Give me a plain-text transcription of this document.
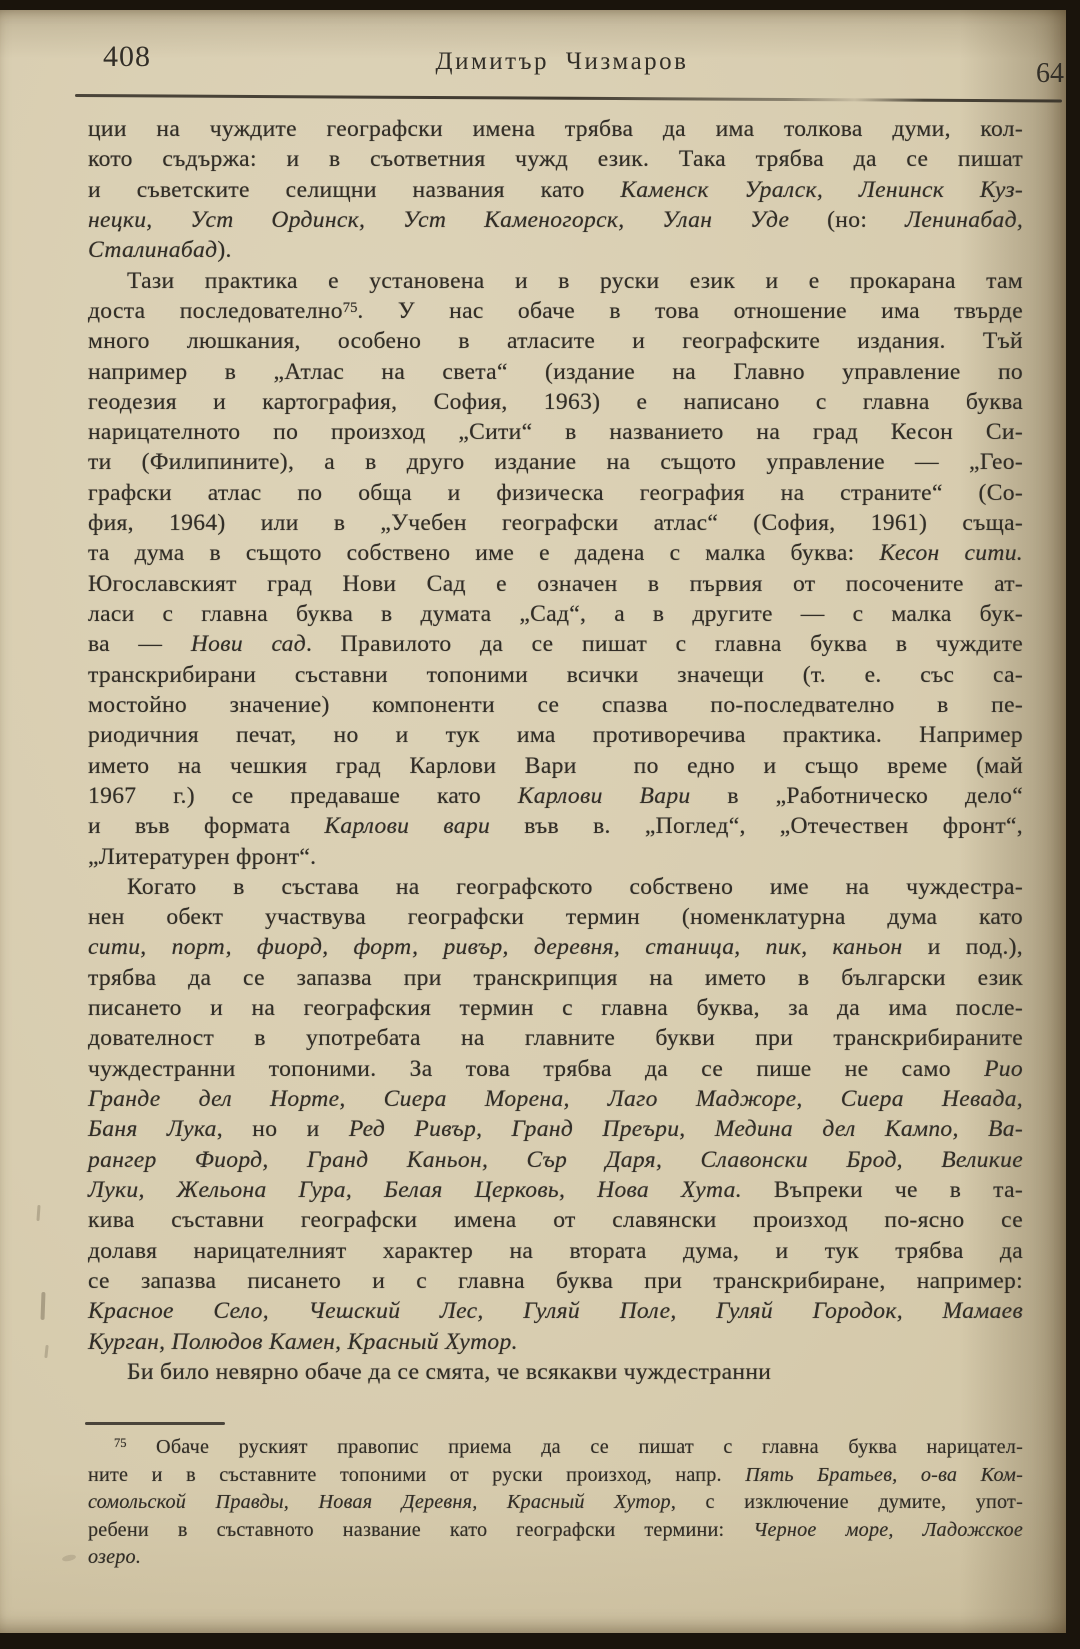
408	Димитър Чизмаров	64
ции на чуждите географски имена трябва да има толкова думи, кол-
кото съдържа: и в съответния чужд език. Така трябва да се пишат
и съветските селищни названия като Каменск Уралск, Ленинск Куз-
нецки, Уст Ординск, Уст Каменогорск, Улан Уде (но: Ленинабад,
Сталинабад).
Тази практика е установена и в руски език и е прокарана там
доста последователно$^{75}$. У нас обаче в това отношение има твърде
много люшкания, особено в атласите и географските издания. Тъй
например в „Атлас на света“ (издание на Главно управление по
геодезия и картография, София, 1963) е написано с главна буква
нарицателното по произход „Сити“ в названието на град Кесон Си-
ти (Филипините), а в друго издание на същото управление — „Гео-
графски атлас по обща и физическа география на страните“ (Со-
фия, 1964) или в „Учебен географски атлас“ (София, 1961) съща-
та дума в същото собствено име е дадена с малка буква: Кесон сити.
Югославският град Нови Сад е означен в първия от посочените ат-
ласи с главна буква в думата „Сад“, а в другите — с малка бук-
ва — Нови сад. Правилото да се пишат с главна буква в чуждите
транскрибирани съставни топоними всички значещи (т. е. със са-
мостойно значение) компоненти се спазва по-последвателно в пе-
риодичния печат, но и тук има противоречива практика. Например
името на чешкия град Карлови Вари  по едно и също време (май
1967 г.) се предаваше като Карлови Вари в „Работническо дело“
и във формата Карлови вари във в. „Поглед“, „Отечествен фронт“,
„Литературен фронт“.
Когато в състава на географското собствено име на чуждестра-
нен обект участвува географски термин (номенклатурна дума като
сити, порт, фиорд, форт, ривър, деревня, станица, пик, каньон и под.),
трябва да се запазва при транскрипция на името в български език
писането и на географския термин с главна буква, за да има после-
дователност в употребата на главните букви при транскрибираните
чуждестранни топоними. За това трябва да се пише не само Рио
Гранде дел Норте, Сиера Морена, Лаго Маджоре, Сиера Невада,
Баня Лука, но и Ред Ривър, Гранд Преъри, Медина дел Кампо, Ва-
рангер Фиорд, Гранд Каньон, Сър Даря, Славонски Брод, Великие
Луки, Жельона Гура, Белая Церковь, Нова Хута. Въпреки че в та-
кива съставни географски имена от славянски произход по-ясно се
долавя нарицателният характер на втората дума, и тук трябва да
се запазва писането и с главна буква при транскрибиране, например:
Красное Село, Чешский Лес, Гуляй Поле, Гуляй Городок, Мамаев
Курган, Полюдов Камен, Красный Хутор.
Би било невярно обаче да се смята, че всякакви чуждестранни
$^{75}$ Обаче руският правопис приема да се пишат с главна буква нарицател-
ните и в съставните топоними от руски произход, напр. Пять Братьев, о-ва Ком-
сомольской Правды, Новая Деревня, Красный Хутор, с изключение думите, упот-
ребени в съставното название като географски термини: Черное море, Ладожское
озеро.
